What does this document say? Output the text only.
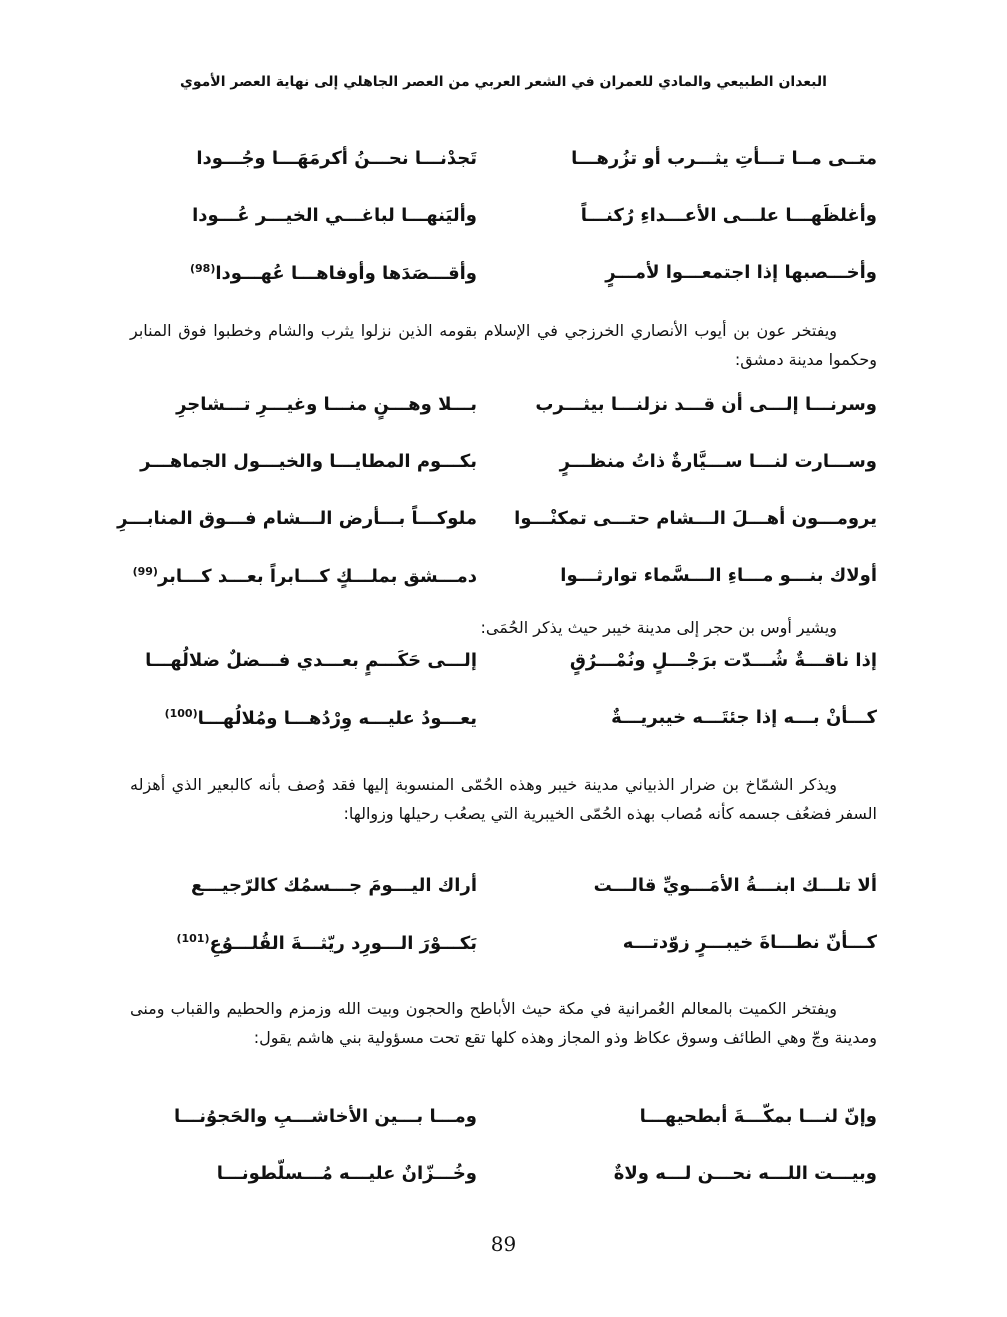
البعدان الطبيعي والمادي للعمران في الشعر العربي من العصر الجاهلي إلى نهاية العصر الأموي
متــى مــا تـــأتِ يثـــرب أو تزُرهـــا
تَجدْنـــا نحـــنُ أكرمَهَـــا وجُـــودا
وأغلظَهـــا علـــى الأعـــداءِ رُكنـــاً
وأليَنهـــا لباغـــي الخيـــر عُـــودا
وأخـــصبها إذا اجتمعـــوا لأمـــرٍ
وأقـــصَدَها وأوفاهـــا عُهـــودا$^{(98)}$
ويفتخر عون بن أيوب الأنصاري الخرزجي في الإسلام بقومه الذين نزلوا يثرب والشام وخطبوا فوق المنابر وحكموا مدينة دمشق:
وسرنـــا إلـــى أن قـــد نزلنـــا بيثـــرب
بـــلا وهـــنٍ منـــا وغيـــرِ تـــشاجرِ
وســـارت لنـــا ســـيَّارةٌ ذاتُ منظـــرٍ
بكـــوم المطايـــا والخيـــول الجماهـــر
يرومـــون أهـــلَ الـــشام حتـــى تمكنْـــوا
ملوكـــاً بـــأرض الـــشام فـــوق المنابـــرِ
أولاك بنـــو مـــاءِ الـــسَّماء توارثـــوا
دمـــشق بملـــكٍ كـــابراً بعـــد كـــابر$^{(99)}$
ويشير أوس بن حجر إلى مدينة خيبر حيث يذكر الحُمَى:
إذا ناقـــةٌ شُـــدّت برَجْـــلٍ ونُمْـــرُقٍ
إلـــى حَكَـــمٍ بعـــدي فـــضلٌ ضلالُهـــا
كـــأنْ بـــه إذا جئتَـــه خيبريـــةٌ
يعـــودُ عليـــه وِرْدُهـــا ومُلالُهـــا$^{(100)}$
ويذكر الشمّاخ بن ضرار الذبياني مدينة خيبر وهذه الحُمّى المنسوبة إليها فقد وُصف بأنه كالبعير الذي أهزله السفر فضعُف جسمه كأنه مُصاب بهذه الحُمّى الخيبرية التي يصعُب رحيلها وزوالها:
ألا تلـــك ابنـــةُ الأمَـــويِّ قالـــت
أراك اليـــومَ جـــسمُك كالرّجيـــع
كـــأنّ نطـــاةَ خيبـــرٍ زوّدتـــه
بَكـــوْرَ الـــورِد ريّثـــةَ القُلـــوُعِ$^{(101)}$
ويفتخر الكميت بالمعالم العُمرانية في مكة حيث الأباطح والحجون وبيت الله وزمزم والحطيم والقباب ومنى ومدينة وجّ وهي الطائف وسوق عكاظ وذو المجاز وهذه كلها تقع تحت مسؤولية بني هاشم يقول:
وإنّ لنـــا بمكّـــةَ أبطحيهـــا
ومـــا بـــين الأخاشـــبِ والحَجوُنـــا
وبيـــت اللـــه نحـــن لـــه ولاةٌ
وخُـــزّانٌ عليـــه مُـــسلّطونـــا
89
